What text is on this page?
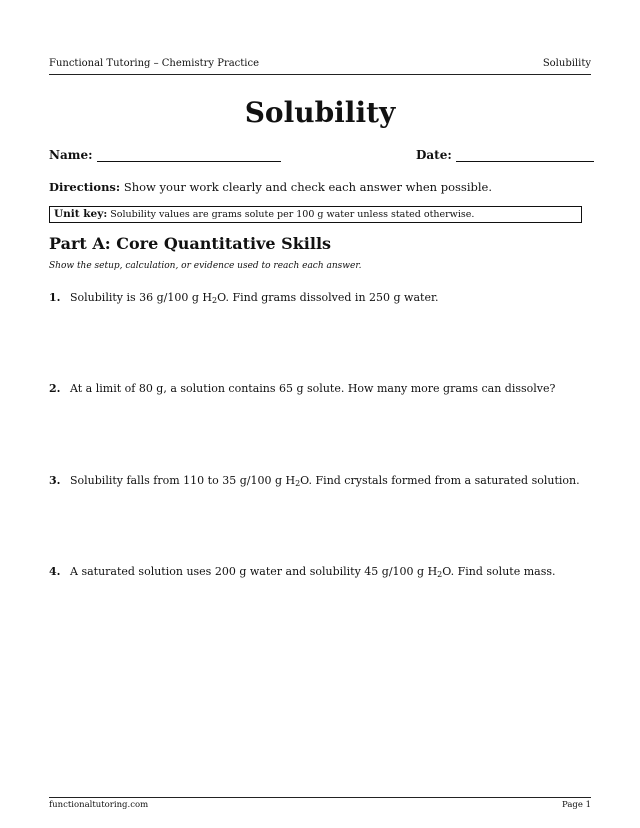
Functional Tutoring – Chemistry Practice	Solubility
Solubility
Name:	Date:
Directions: Show your work clearly and check each answer when possible.
Unit key: Solubility values are grams solute per 100 g water unless stated otherwise.
Part A: Core Quantitative Skills
Show the setup, calculation, or evidence used to reach each answer.
1. Solubility is 36 g/100 g $H_2O$. Find grams dissolved in 250 g water.
2. At a limit of 80 g, a solution contains 65 g solute. How many more grams can dissolve?
3. Solubility falls from 110 to 35 g/100 g $H_2O$. Find crystals formed from a saturated solution.
4. A saturated solution uses 200 g water and solubility 45 g/100 g $H_2O$. Find solute mass.
functionaltutoring.com	Page 1
